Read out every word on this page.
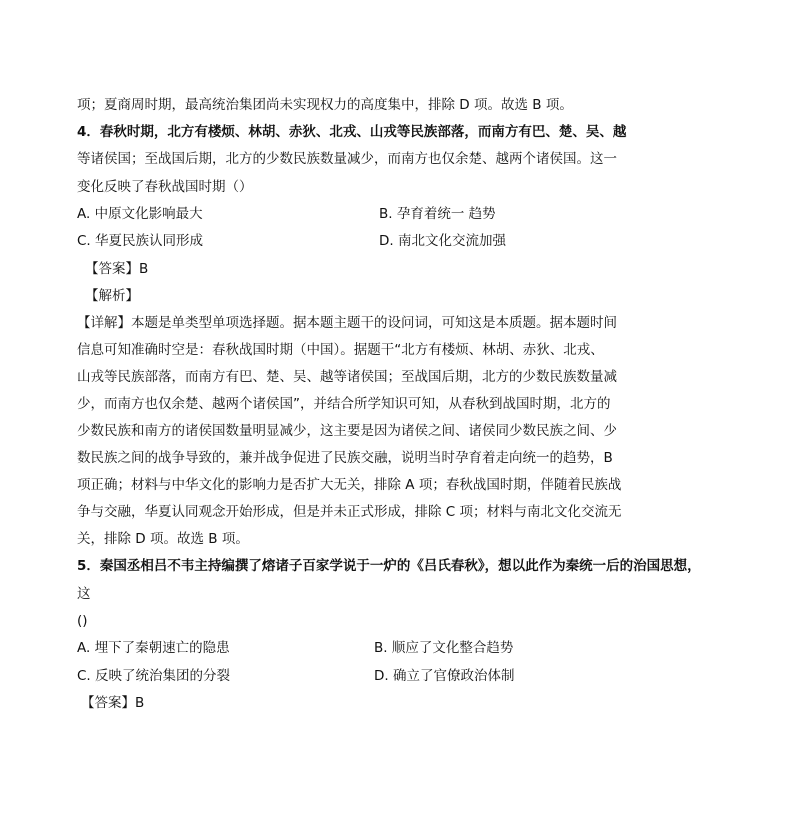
项；夏商周时期，最高统治集团尚未实现权力的高度集中，排除 D 项。故选 B 项。
4．春秋时期，北方有楼烦、林胡、赤狄、北戎、山戎等民族部落，而南方有巴、楚、吴、越
等诸侯国；至战国后期，北方的少数民族数量减少，而南方也仅余楚、越两个诸侯国。这一
变化反映了春秋战国时期（）
A. 中原文化影响最大	B. 孕育着统一 趋势
C. 华夏民族认同形成	D. 南北文化交流加强
【答案】B
【解析】
【详解】本题是单类型单项选择题。据本题主题干的设问词，可知这是本质题。据本题时间
信息可知准确时空是：春秋战国时期（中国）。据题干“北方有楼烦、林胡、赤狄、北戎、
山戎等民族部落，而南方有巴、楚、吴、越等诸侯国；至战国后期，北方的少数民族数量减
少，而南方也仅余楚、越两个诸侯国”，并结合所学知识可知，从春秋到战国时期，北方的
少数民族和南方的诸侯国数量明显减少，这主要是因为诸侯之间、诸侯同少数民族之间、少
数民族之间的战争导致的，兼并战争促进了民族交融，说明当时孕育着走向统一的趋势，B
项正确；材料与中华文化的影响力是否扩大无关，排除 A 项；春秋战国时期，伴随着民族战
争与交融，华夏认同观念开始形成，但是并未正式形成，排除 C 项；材料与南北文化交流无
关，排除 D 项。故选 B 项。
5．秦国丞相吕不韦主持编撰了熔诸子百家学说于一炉的《吕氏春秋》，想以此作为秦统一后的治国思想，
这
()
A. 埋下了秦朝速亡的隐患	B. 顺应了文化整合趋势
C. 反映了统治集团的分裂	D. 确立了官僚政治体制
【答案】B
